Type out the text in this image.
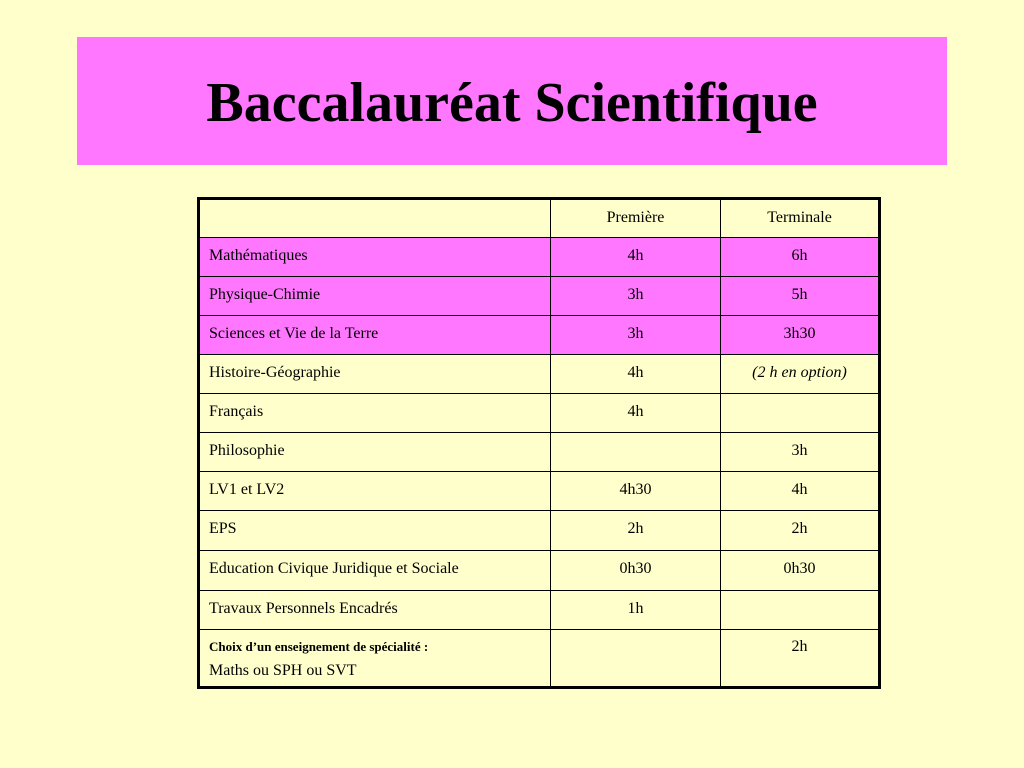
Baccalauréat Scientifique
	Première	Terminale
Mathématiques	4h	6h
Physique-Chimie	3h	5h
Sciences et Vie de la Terre	3h	3h30
Histoire-Géographie	4h	(2 h en option)
Français	4h	
Philosophie		3h
LV1 et LV2	4h30	4h
EPS	2h	2h
Education Civique Juridique et Sociale	0h30	0h30
Travaux Personnels Encadrés	1h	

Choix d’un enseignement de spécialité :
Maths ou SPH ou SVT		2h
